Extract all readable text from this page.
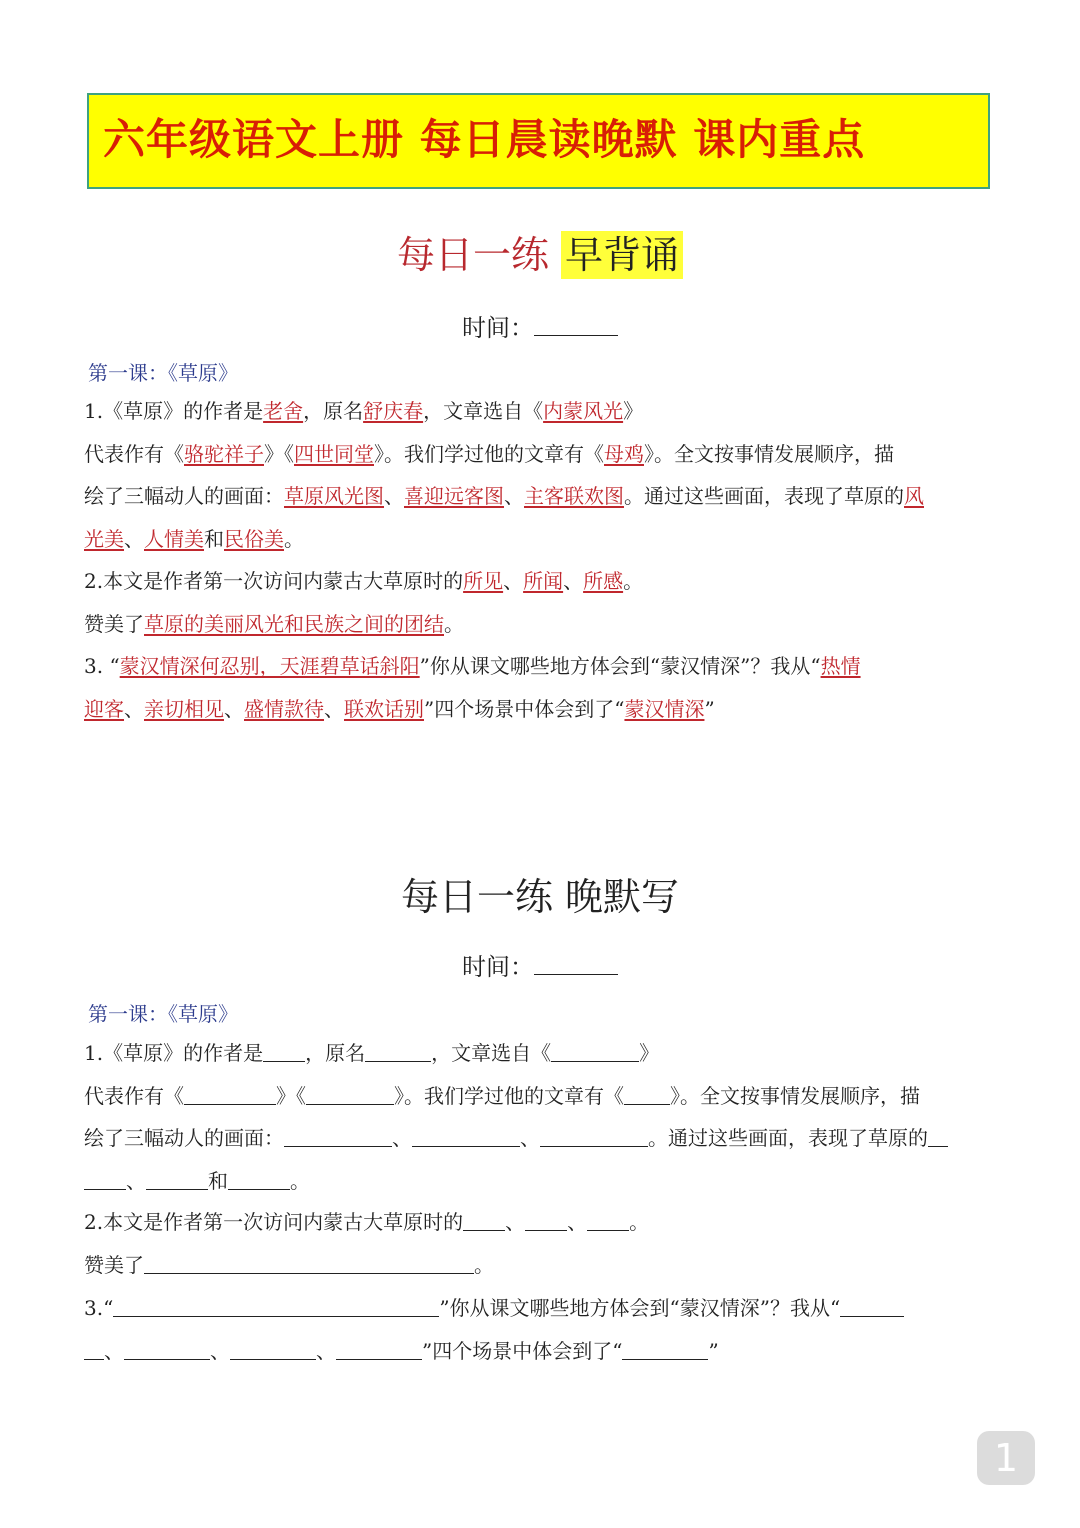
六年级语文上册 每日晨读晚默 课内重点
每日一练 早背诵
时间：
第一课：《草原》
1.《草原》的作者是老舍，原名舒庆春，文章选自《内蒙风光》
代表作有《骆驼祥子》《四世同堂》。我们学过他的文章有《母鸡》。全文按事情发展顺序，描
绘了三幅动人的画面：草原风光图、喜迎远客图、主客联欢图。通过这些画面，表现了草原的风
光美、人情美和民俗美。
2.本文是作者第一次访问内蒙古大草原时的所见、所闻、所感。
赞美了草原的美丽风光和民族之间的团结。
3. “蒙汉情深何忍别，天涯碧草话斜阳”你从课文哪些地方体会到“蒙汉情深”？我从“热情
迎客、亲切相见、盛情款待、联欢话别”四个场景中体会到了“蒙汉情深”
每日一练 晚默写
时间：
第一课：《草原》
1.《草原》的作者是 ，原名	，文章选自《	》
代表作有《	》《	》。我们学过他的文章有《 》。全文按事情发展顺序，描
绘了三幅动人的画面：	、	、	。通过这些画面，表现了草原的
、	和	。
2.本文是作者第一次访问内蒙古大草原时的 、 、 。
赞美了	。
3.“	”你从课文哪些地方体会到“蒙汉情深”？我从“
、	、	、	”四个场景中体会到了“	”
1
